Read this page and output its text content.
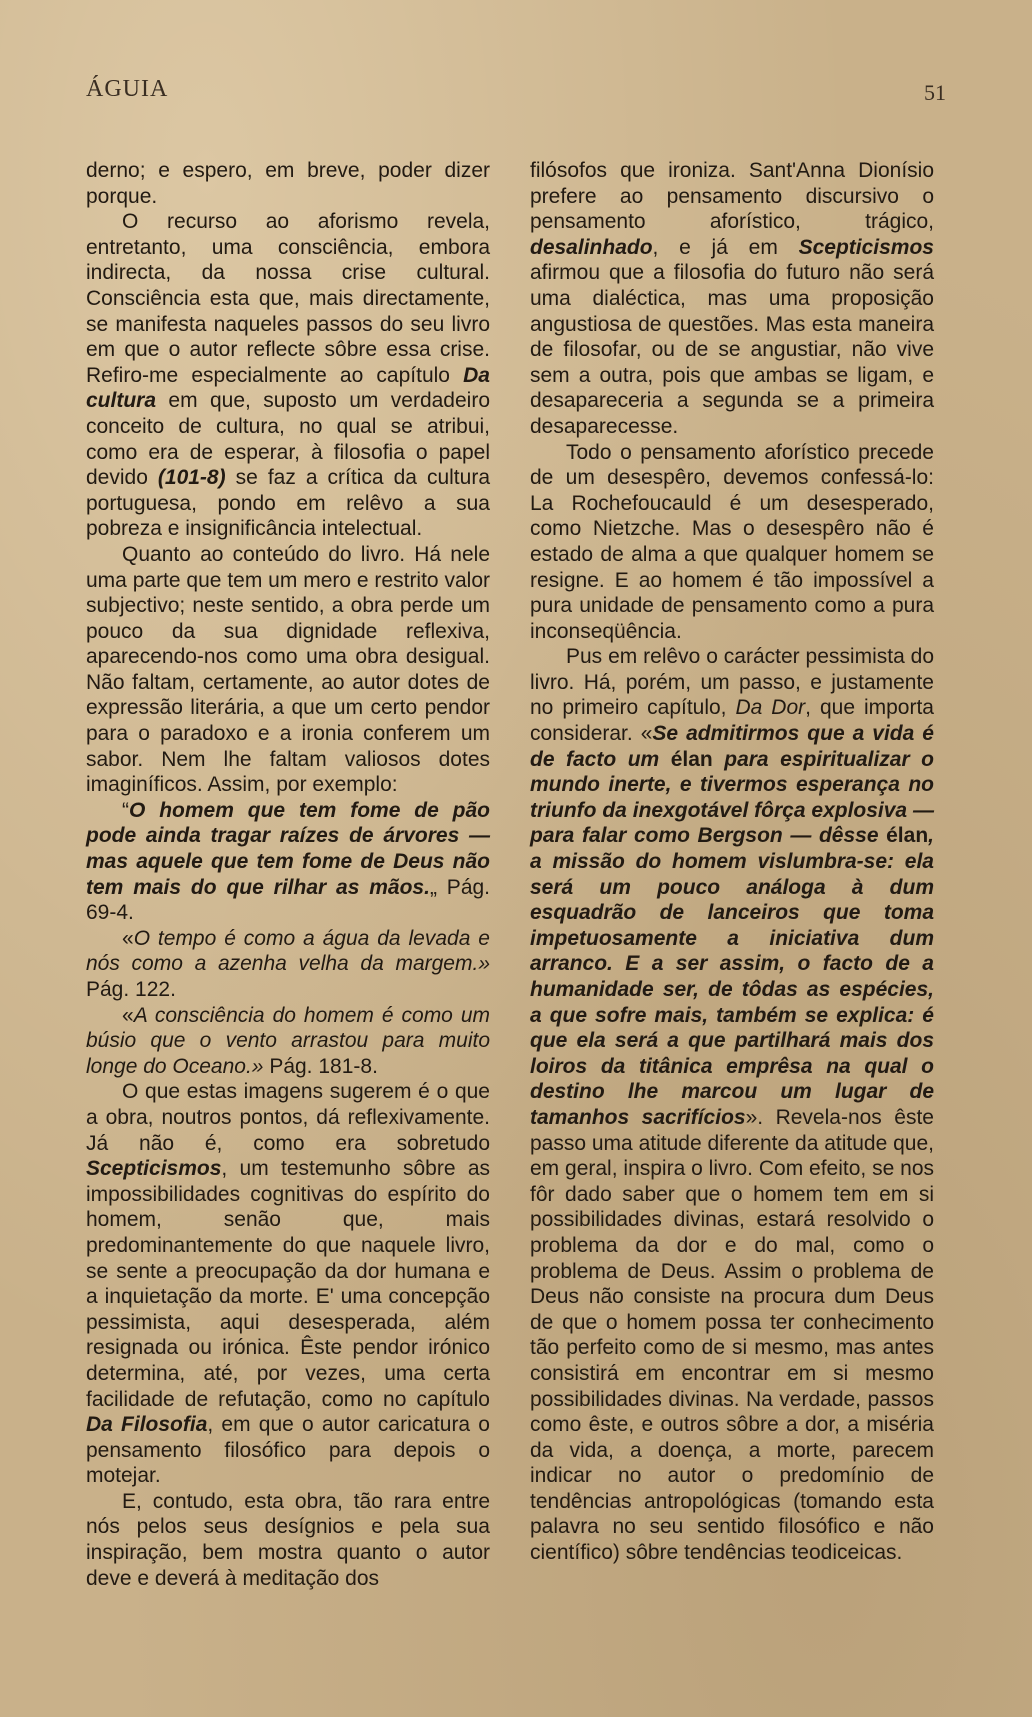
ÁGUIA	51

derno; e espero, em breve, poder dizer porque.

O recurso ao aforismo revela, entretanto, uma consciência, embora indirecta, da nossa crise cultural. Consciência esta que, mais directamente, se manifesta naqueles passos do seu livro em que o autor reflecte sôbre essa crise. Refiro-me especialmente ao capítulo Da cultura em que, suposto um verdadeiro conceito de cultura, no qual se atribui, como era de esperar, à filosofia o papel devido (101-8) se faz a crítica da cultura portuguesa, pondo em relêvo a sua pobreza e insignificância intelectual.

Quanto ao conteúdo do livro. Há nele uma parte que tem um mero e restrito valor subjectivo; neste sentido, a obra perde um pouco da sua dignidade reflexiva, aparecendo-nos como uma obra desigual. Não faltam, certamente, ao autor dotes de expressão literária, a que um certo pendor para o paradoxo e a ironia conferem um sabor. Nem lhe faltam valiosos dotes imaginíficos. Assim, por exemplo:

“O homem que tem fome de pão pode ainda tragar raízes de árvores — mas aquele que tem fome de Deus não tem mais do que rilhar as mãos.„ Pág. 69-4.

«O tempo é como a água da levada e nós como a azenha velha da margem.» Pág. 122.

«A consciência do homem é como um búsio que o vento arrastou para muito longe do Oceano.» Pág. 181-8.

O que estas imagens sugerem é o que a obra, noutros pontos, dá reflexivamente. Já não é, como era sobretudo Scepticismos, um testemunho sôbre as impossibilidades cognitivas do espírito do homem, senão que, mais predominantemente do que naquele livro, se sente a preocupação da dor humana e a inquietação da morte. E' uma concepção pessimista, aqui desesperada, além resignada ou irónica. Êste pendor irónico determina, até, por vezes, uma certa facilidade de refutação, como no capítulo Da Filosofia, em que o autor caricatura o pensamento filosófico para depois o motejar.

E, contudo, esta obra, tão rara entre nós pelos seus desígnios e pela sua inspiração, bem mostra quanto o autor deve e deverá à meditação dos

filósofos que ironiza. Sant'Anna Dionísio prefere ao pensamento discursivo o pensamento aforístico, trágico, desalinhado, e já em Scepticismos afirmou que a filosofia do futuro não será uma dialéctica, mas uma proposição angustiosa de questões. Mas esta maneira de filosofar, ou de se angustiar, não vive sem a outra, pois que ambas se ligam, e desapareceria a segunda se a primeira desaparecesse.

Todo o pensamento aforístico precede de um desespêro, devemos confessá-lo: La Rochefoucauld é um desesperado, como Nietzche. Mas o desespêro não é estado de alma a que qualquer homem se resigne. E ao homem é tão impossível a pura unidade de pensamento como a pura inconseqüência.

Pus em relêvo o carácter pessimista do livro. Há, porém, um passo, e justamente no primeiro capítulo, Da Dor, que importa considerar. «Se admitirmos que a vida é de facto um élan para espiritualizar o mundo inerte, e tivermos esperança no triunfo da inexgotável fôrça explosiva — para falar como Bergson — dêsse élan, a missão do homem vislumbra-se: ela será um pouco análoga à dum esquadrão de lanceiros que toma impetuosamente a iniciativa dum arranco. E a ser assim, o facto de a humanidade ser, de tôdas as espécies, a que sofre mais, também se explica: é que ela será a que partilhará mais dos loiros da titânica emprêsa na qual o destino lhe marcou um lugar de tamanhos sacrifícios». Revela-nos êste passo uma atitude diferente da atitude que, em geral, inspira o livro. Com efeito, se nos fôr dado saber que o homem tem em si possibilidades divinas, estará resolvido o problema da dor e do mal, como o problema de Deus. Assim o problema de Deus não consiste na procura dum Deus de que o homem possa ter conhecimento tão perfeito como de si mesmo, mas antes consistirá em encontrar em si mesmo possibilidades divinas. Na verdade, passos como êste, e outros sôbre a dor, a miséria da vida, a doença, a morte, parecem indicar no autor o predomínio de tendências antropológicas (tomando esta palavra no seu sentido filosófico e não científico) sôbre tendências teodiceicas.
